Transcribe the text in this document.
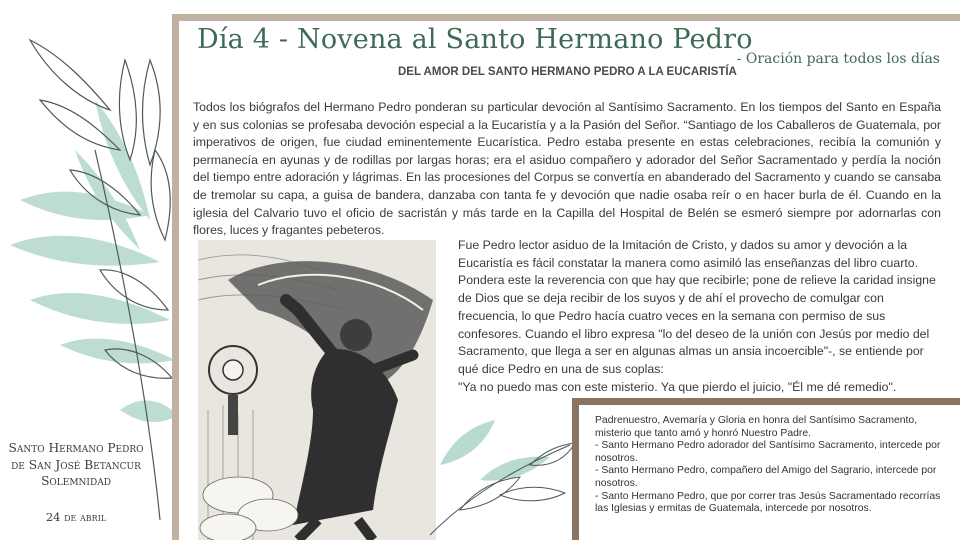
Día 4 - Novena al Santo Hermano Pedro
- Oración para todos los días
DEL AMOR DEL SANTO HERMANO PEDRO A LA EUCARISTÍA

Todos los biógrafos del Hermano Pedro ponderan su particular devoción al Santísimo Sacramento. En los tiempos del Santo en España y en sus colonias se profesaba devoción especial a la Eucaristía y a la Pasión del Señor. “Santiago de los Caballeros de Guatemala, por imperativos de origen, fue ciudad eminentemente Eucarística. Pedro estaba presente en estas celebraciones, recibía la comunión y permanecía en ayunas y de rodillas por largas horas; era el asiduo compañero y adorador del Señor Sacramentado y perdía la noción del tiempo entre adoración y lágrimas. En las procesiones del Corpus se convertía en abanderado del Sacramento y cuando se cansaba de tremolar su capa, a guisa de bandera, danzaba con tanta fe y devoción que nadie osaba reír o en hacer burla de él. Cuando en la iglesia del Calvario tuvo el oficio de sacristán y más tarde en la Capilla del Hospital de Belén se esmeró siempre por adornarlas con flores, luces y fragantes pebeteros.

Fue Pedro lector asiduo de la Imitación de Cristo, y dados su amor y devoción a la Eucaristía es fácil constatar la manera como asimiló las enseñanzas del libro cuarto. Pondera este la reverencia con que hay que recibirle; pone de relieve la caridad insigne de Dios que se deja recibir de los suyos y de ahí el provecho de comulgar con frecuencia, lo que Pedro hacía cuatro veces en la semana con permiso de sus confesores. Cuando el libro expresa "lo del deseo de la unión con Jesús por medio del Sacramento, que llega a ser en algunas almas un ansia incoercible"-, se entiende por qué dice Pedro en una de sus coplas:
"Ya no puedo mas con este misterio. Ya que pierdo el juicio, "Él me dé remedio".

Padrenuestro, Avemaría y Gloria en honra del Santísimo Sacramento, misterio que tanto amó y honró Nuestro Padre.
- Santo Hermano Pedro adorador del Santísimo Sacramento, intercede por nosotros.
- Santo Hermano Pedro, compañero del Amigo del Sagrario, intercede por nosotros.
- Santo Hermano Pedro, que por correr tras Jesús Sacramentado recorrías las Iglesias y ermitas de Guatemala, intercede por nosotros.
Santo Hermano Pedro
de San José Betancur
Solemnidad
24 de abril
